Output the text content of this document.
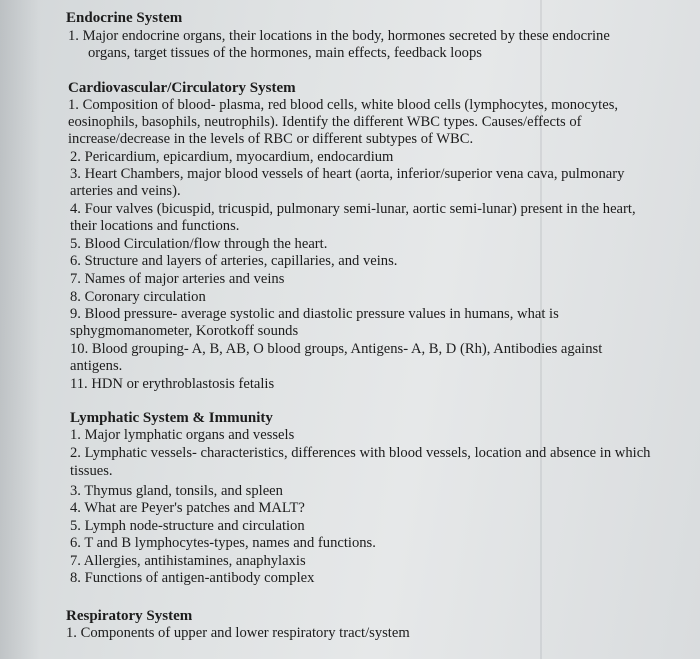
Endocrine System
1. Major endocrine organs, their locations in the body, hormones secreted by these endocrine
organs, target tissues of the hormones, main effects, feedback loops
Cardiovascular/Circulatory System
1. Composition of blood- plasma, red blood cells, white blood cells (lymphocytes, monocytes,
eosinophils, basophils, neutrophils). Identify the different WBC types. Causes/effects of
increase/decrease in the levels of RBC or different subtypes of WBC.
2. Pericardium, epicardium, myocardium, endocardium
3. Heart Chambers, major blood vessels of heart (aorta, inferior/superior vena cava, pulmonary
arteries and veins).
4. Four valves (bicuspid, tricuspid, pulmonary semi-lunar, aortic semi-lunar) present in the heart,
their locations and functions.
5. Blood Circulation/flow through the heart.
6. Structure and layers of arteries, capillaries, and veins.
7. Names of major arteries and veins
8. Coronary circulation
9. Blood pressure- average systolic and diastolic pressure values in humans, what is
sphygmomanometer, Korotkoff sounds
10. Blood grouping- A, B, AB, O blood groups, Antigens- A, B, D (Rh), Antibodies against
antigens.
11. HDN or erythroblastosis fetalis
Lymphatic System & Immunity
1. Major lymphatic organs and vessels
2. Lymphatic vessels- characteristics, differences with blood vessels, location and absence in which
tissues.
3. Thymus gland, tonsils, and spleen
4. What are Peyer's patches and MALT?
5. Lymph node-structure and circulation
6. T and B lymphocytes-types, names and functions.
7. Allergies, antihistamines, anaphylaxis
8. Functions of antigen-antibody complex
Respiratory System
1. Components of upper and lower respiratory tract/system
